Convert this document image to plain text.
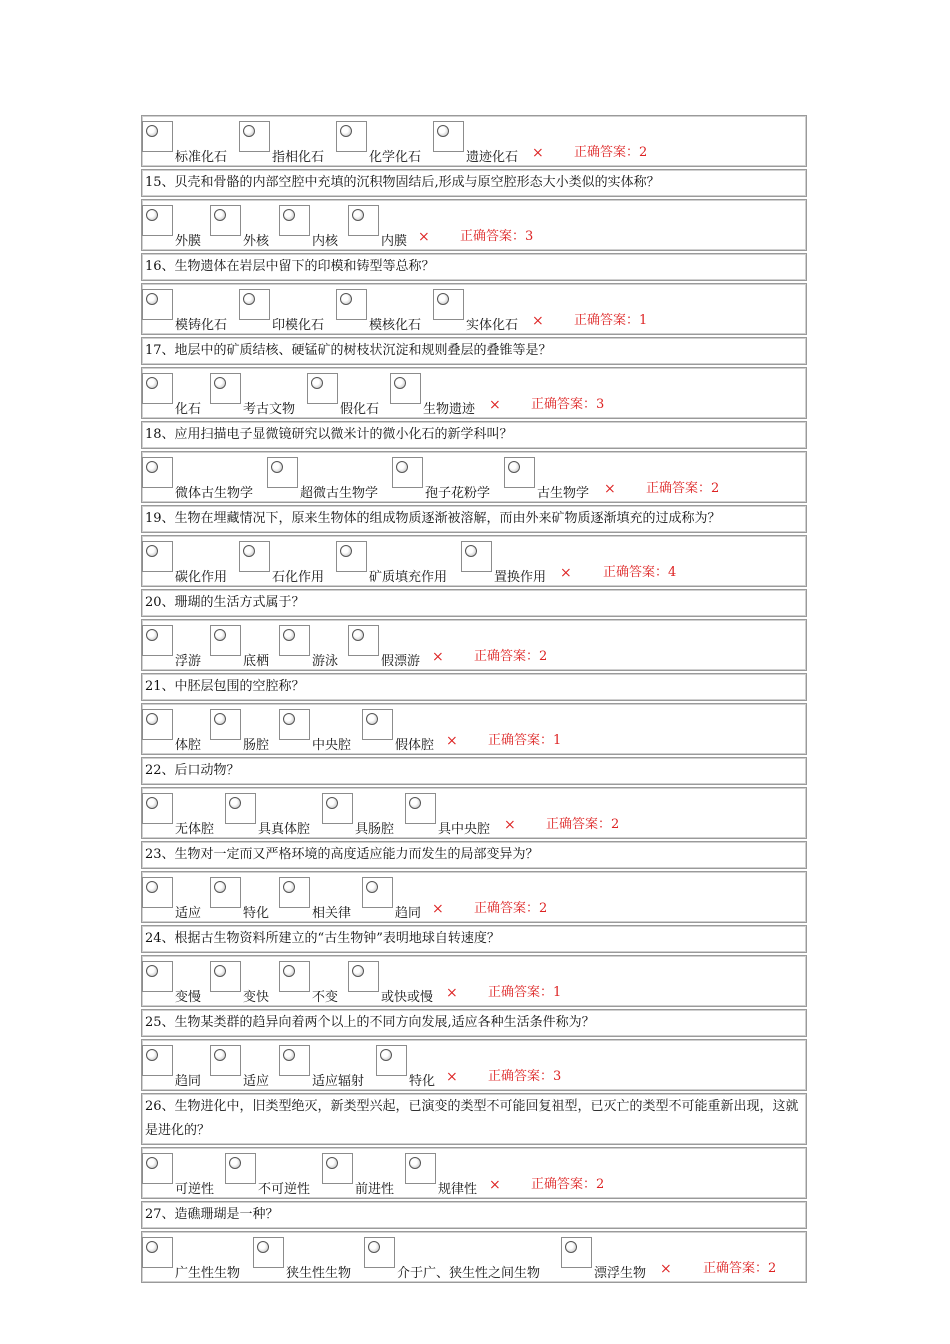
标准化石	指相化石	化学化石	遗迹化石 × 正确答案：2
15、贝壳和骨骼的内部空腔中充填的沉积物固结后,形成与原空腔形态大小类似的实体称？
外膜	外核	内核	内膜 × 正确答案：3
16、生物遗体在岩层中留下的印模和铸型等总称？
模铸化石	印模化石	模核化石	实体化石 × 正确答案：1
17、地层中的矿质结核、硬锰矿的树枝状沉淀和规则叠层的叠锥等是？
化石	考古文物	假化石	生物遗迹 × 正确答案：3
18、应用扫描电子显微镜研究以微米计的微小化石的新学科叫？
微体古生物学	超微古生物学	孢子花粉学	古生物学 × 正确答案：2
19、生物在埋藏情况下，原来生物体的组成物质逐渐被溶解，而由外来矿物质逐渐填充的过成称为？
碳化作用	石化作用	矿质填充作用	置换作用 × 正确答案：4
20、珊瑚的生活方式属于？
浮游	底栖	游泳	假漂游 × 正确答案：2
21、中胚层包围的空腔称？
体腔	肠腔	中央腔	假体腔 × 正确答案：1
22、后口动物？
无体腔	具真体腔	具肠腔	具中央腔 × 正确答案：2
23、生物对一定而又严格环境的高度适应能力而发生的局部变异为？
适应	特化	相关律	趋同 × 正确答案：2
24、根据古生物资料所建立的“古生物钟”表明地球自转速度？
变慢	变快	不变	或快或慢 × 正确答案：1
25、生物某类群的趋异向着两个以上的不同方向发展,适应各种生活条件称为？
趋同	适应	适应辐射	特化 × 正确答案：3
26、生物进化中，旧类型绝灭，新类型兴起，已演变的类型不可能回复祖型，已灭亡的类型不可能重新出现，这就是进化的？
可逆性	不可逆性	前进性	规律性 × 正确答案：2
27、造礁珊瑚是一种？
广生性生物	狭生性生物	介于广、狭生性之间生物	漂浮生物 × 正确答案：2
